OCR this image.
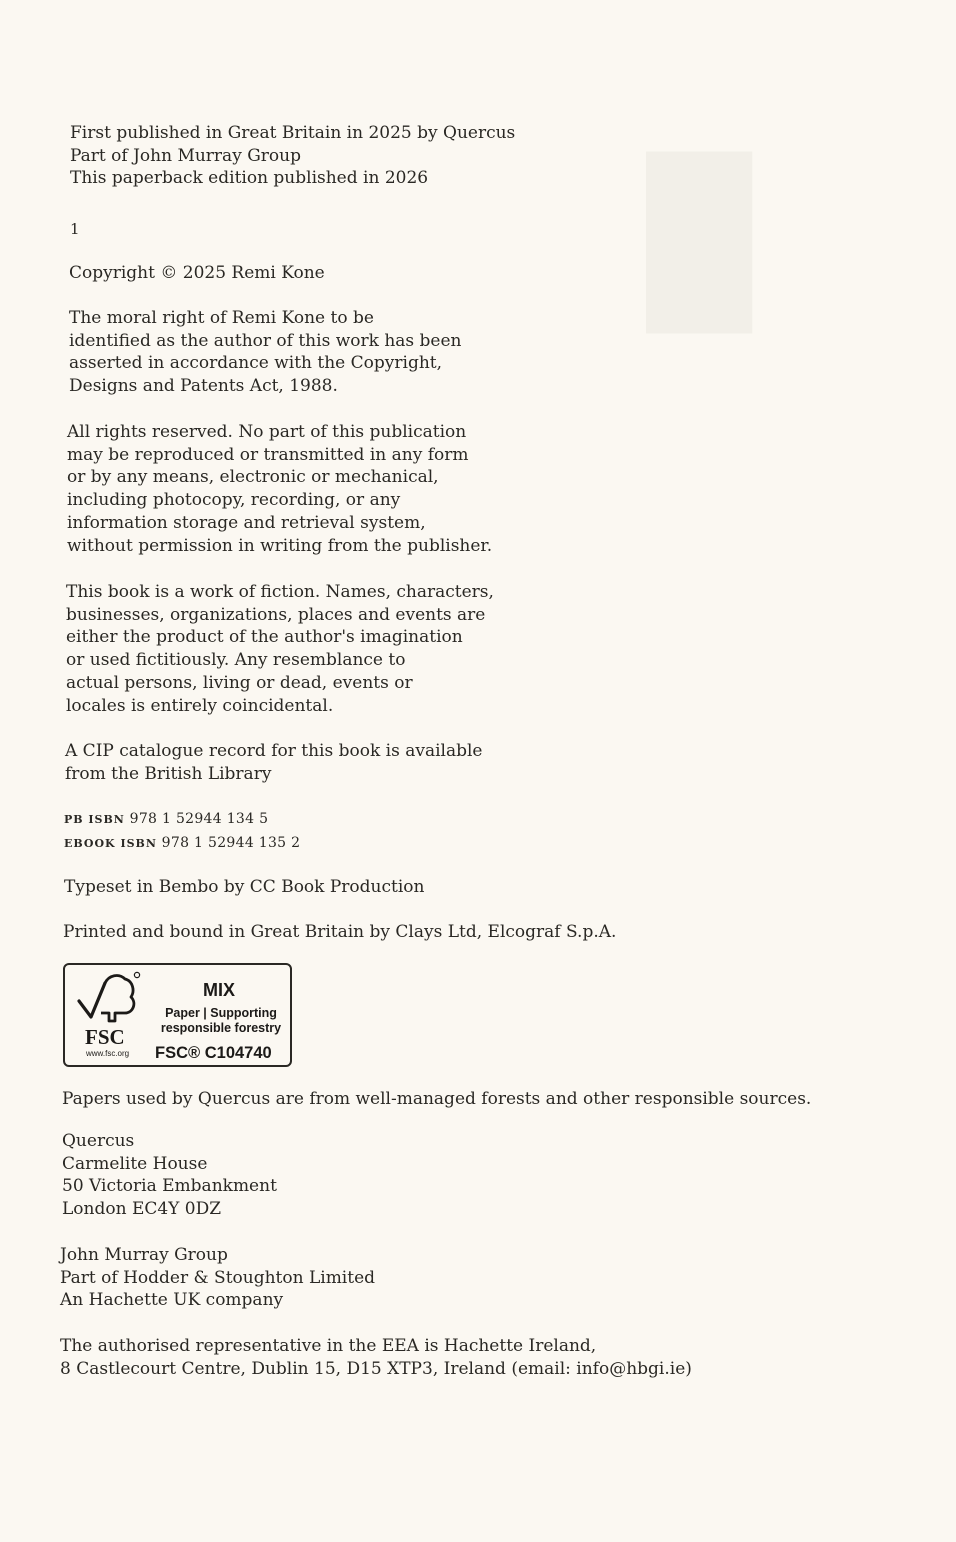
█
First published in Great Britain in 2025 by Quercus
Part of John Murray Group
This paperback edition published in 2026
1
Copyright © 2025 Remi Kone
The moral right of Remi Kone to be
identified as the author of this work has been
asserted in accordance with the Copyright,
Designs and Patents Act, 1988.
All rights reserved. No part of this publication
may be reproduced or transmitted in any form
or by any means, electronic or mechanical,
including photocopy, recording, or any
information storage and retrieval system,
without permission in writing from the publisher.
This book is a work of fiction. Names, characters,
businesses, organizations, places and events are
either the product of the author's imagination
or used fictitiously. Any resemblance to
actual persons, living or dead, events or
locales is entirely coincidental.
A CIP catalogue record for this book is available
from the British Library
PB ISBN 978 1 52944 134 5
EBOOK ISBN 978 1 52944 135 2
Typeset in Bembo by CC Book Production
Printed and bound in Great Britain by Clays Ltd, Elcograf S.p.A.
FSC
www.fsc.org
MIX
Paper | Supporting responsible forestry
FSC® C104740
Papers used by Quercus are from well-managed forests and other responsible sources.
Quercus
Carmelite House
50 Victoria Embankment
London EC4Y 0DZ
John Murray Group
Part of Hodder & Stoughton Limited
An Hachette UK company
The authorised representative in the EEA is Hachette Ireland,
8 Castlecourt Centre, Dublin 15, D15 XTP3, Ireland (email: info@hbgi.ie)
